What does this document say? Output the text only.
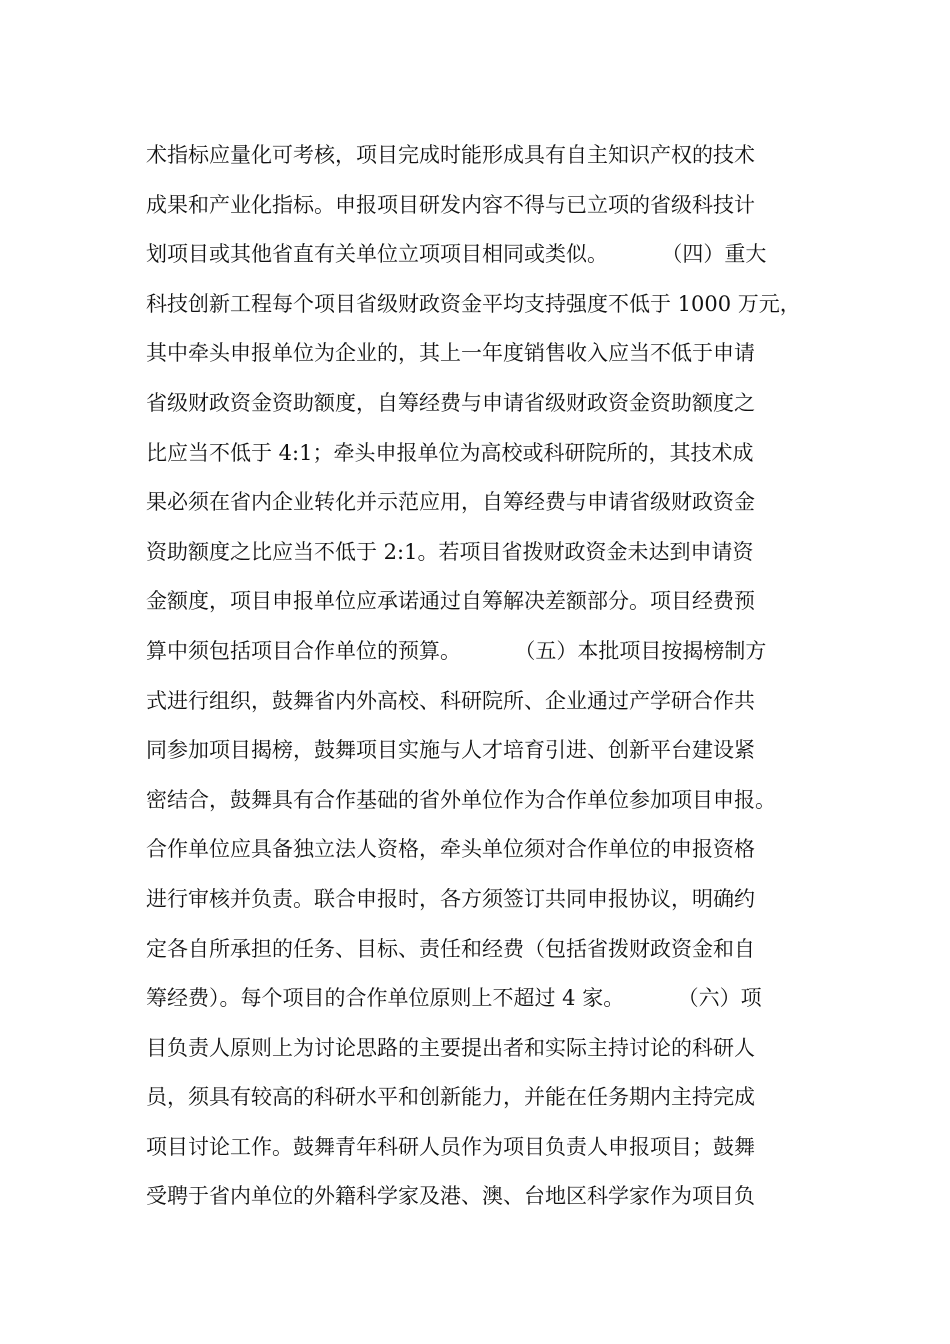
术指标应量化可考核，项目完成时能形成具有自主知识产权的技术
成果和产业化指标。申报项目研发内容不得与已立项的省级科技计
划项目或其他省直有关单位立项项目相同或类似。        （四）重大
科技创新工程每个项目省级财政资金平均支持强度不低于 1000 万元，
其中牵头申报单位为企业的，其上一年度销售收入应当不低于申请
省级财政资金资助额度，自筹经费与申请省级财政资金资助额度之
比应当不低于 4:1；牵头申报单位为高校或科研院所的，其技术成
果必须在省内企业转化并示范应用，自筹经费与申请省级财政资金
资助额度之比应当不低于 2:1。若项目省拨财政资金未达到申请资
金额度，项目申报单位应承诺通过自筹解决差额部分。项目经费预
算中须包括项目合作单位的预算。        （五）本批项目按揭榜制方
式进行组织，鼓舞省内外高校、科研院所、企业通过产学研合作共
同参加项目揭榜，鼓舞项目实施与人才培育引进、创新平台建设紧
密结合，鼓舞具有合作基础的省外单位作为合作单位参加项目申报。
合作单位应具备独立法人资格，牵头单位须对合作单位的申报资格
进行审核并负责。联合申报时，各方须签订共同申报协议，明确约
定各自所承担的任务、目标、责任和经费（包括省拨财政资金和自
筹经费）。每个项目的合作单位原则上不超过 4 家。        （六）项
目负责人原则上为讨论思路的主要提出者和实际主持讨论的科研人
员，须具有较高的科研水平和创新能力，并能在任务期内主持完成
项目讨论工作。鼓舞青年科研人员作为项目负责人申报项目；鼓舞
受聘于省内单位的外籍科学家及港、澳、台地区科学家作为项目负
